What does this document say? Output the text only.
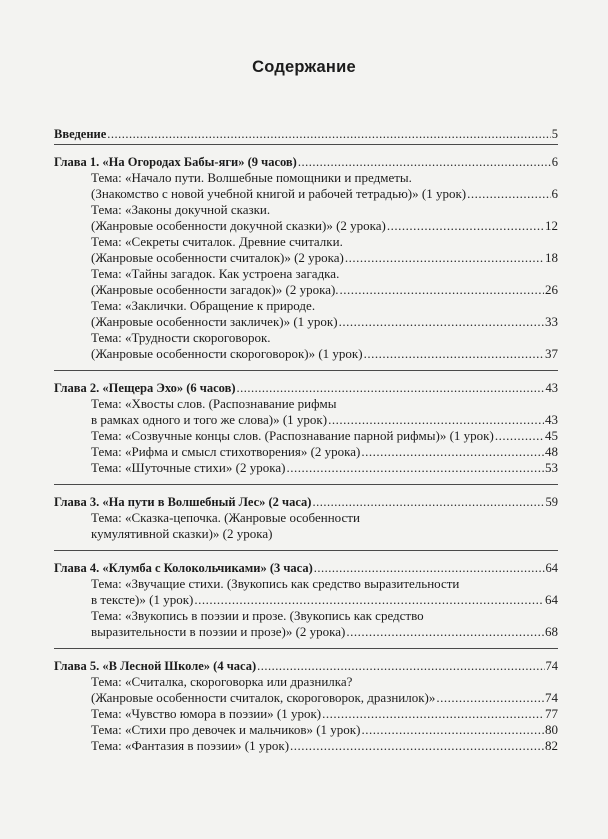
Содержание
Введение .....	5
Глава 1. «На Огородах Бабы-яги» (9 часов) .....	6
Тема: «Начало пути. Волшебные помощники и предметы.
(Знакомство с новой учебной книгой и рабочей тетрадью)» (1 урок) .....	6
Тема: «Законы докучной сказки.
(Жанровые особенности докучной сказки)» (2 урока) .....	12
Тема: «Секреты считалок. Древние считалки.
(Жанровые особенности считалок)» (2 урока) .....	18
Тема: «Тайны загадок. Как устроена загадка.
(Жанровые особенности загадок)» (2 урока). .....	26
Тема: «Заклички. Обращение к природе.
(Жанровые особенности закличек)» (1 урок) .....	33
Тема: «Трудности скороговорок.
(Жанровые особенности скороговорок)» (1 урок) .....	37
Глава 2. «Пещера Эхо» (6 часов) .....	43
Тема: «Хвосты слов. (Распознавание рифмы
в рамках одного и того же слова)» (1 урок) .....	43
Тема: «Созвучные концы слов. (Распознавание парной рифмы)» (1 урок) .....	45
Тема: «Рифма и смысл стихотворения» (2 урока) .....	48
Тема: «Шуточные стихи» (2 урока) .....	53
Глава 3. «На пути в Волшебный Лес» (2 часа) .....	59
Тема: «Сказка-цепочка. (Жанровые особенности
кумулятивной сказки)» (2 урока)
Глава 4. «Клумба с Колокольчиками» (3 часа) .....	64
Тема: «Звучащие стихи. (Звукопись как средство выразительности
в тексте)» (1 урок) .....	64
Тема: «Звукопись в поэзии и прозе. (Звукопись как средство
выразительности в поэзии и прозе)» (2 урока) .....	68
Глава 5. «В Лесной Школе» (4 часа) .....	74
Тема: «Считалка, скороговорка или дразнилка?
(Жанровые особенности считалок, скороговорок, дразнилок)» .....	74
Тема: «Чувство юмора в поэзии» (1 урок) .....	77
Тема: «Стихи про девочек и мальчиков» (1 урок) .....	80
Тема: «Фантазия в поэзии» (1 урок) .....	82
